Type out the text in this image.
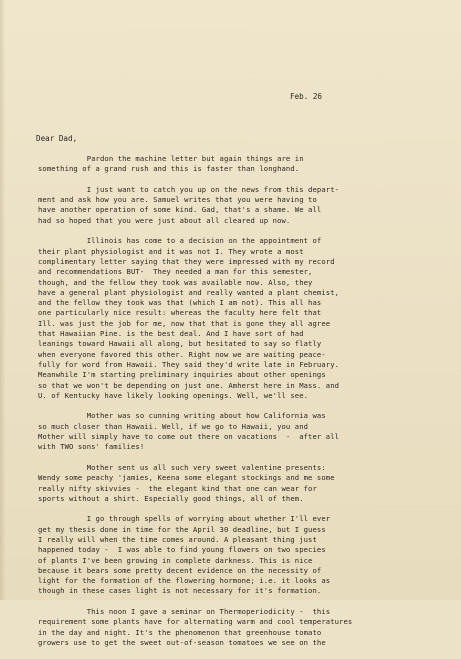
Feb. 26
Dear Dad,

Pardon the machine letter but again things are in
something of a grand rush and this is faster than longhand.

I just want to catch you up on the news from this depart-
ment and ask how you are. Samuel writes that you were having to
have another operation of some kind. Gad, that's a shame. We all
had so hoped that you were just about all cleared up now.

Illinois has come to a decision on the appointment of
their plant physiologist and it was not I. They wrote a most
complimentary letter saying that they were impressed with my record
and recommendations BUT-  They needed a man for this semester,
though, and the fellow they took was available now. Also, they
have a general plant physiologist and really wanted a plant chemist,
and the fellow they took was that (which I am not). This all has
one particularly nice result: whereas the faculty here felt that
Ill. was just the job for me, now that that is gone they all agree
that Hawaiian Pine. is the best deal. And I have sort of had
leanings toward Hawaii all along, but hesitated to say so flatly
when everyone favored this other. Right now we are waiting peace-
fully for word from Hawaii. They said they'd write late in February.
Meanwhile I'm starting preliminary inquiries about other openings
so that we won't be depending on just one. Amherst here in Mass. and
U. of Kentucky have likely looking openings. Well, we'll see.

Mother was so cunning writing about how California was
so much closer than Hawaii. Well, if we go to Hawaii, you and
Mother will simply have to come out there on vacations  -  after all
with TWO sons' families!

Mother sent us all such very sweet valentine presents:
Wendy some peachy 'jamies, Keena some elegant stockings and me some
really nifty skivvies -  the elegant kind that one can wear for
sports without a shirt. Especially good things, all of them.

I go through spells of worrying about whether I'll ever
get my thesis done in time for the April 30 deadline, but I guess
I really will when the time comes around. A pleasant thing just
happened today -  I was able to find young flowers on two species
of plants I've been growing in complete darkness. This is nice
because it bears some pretty decent evidence on the necessity of
light for the formation of the flowering hormone; i.e. it looks as
though in these cases light is not necessary for it's formation.

This noon I gave a seminar on Thermoperiodicity -  this
requirement some plants have for alternating warm and cool temperatures
in the day and night. It's the phenomenon that greenhouse tomato
growers use to get the sweet out-of-season tomatoes we see on the
